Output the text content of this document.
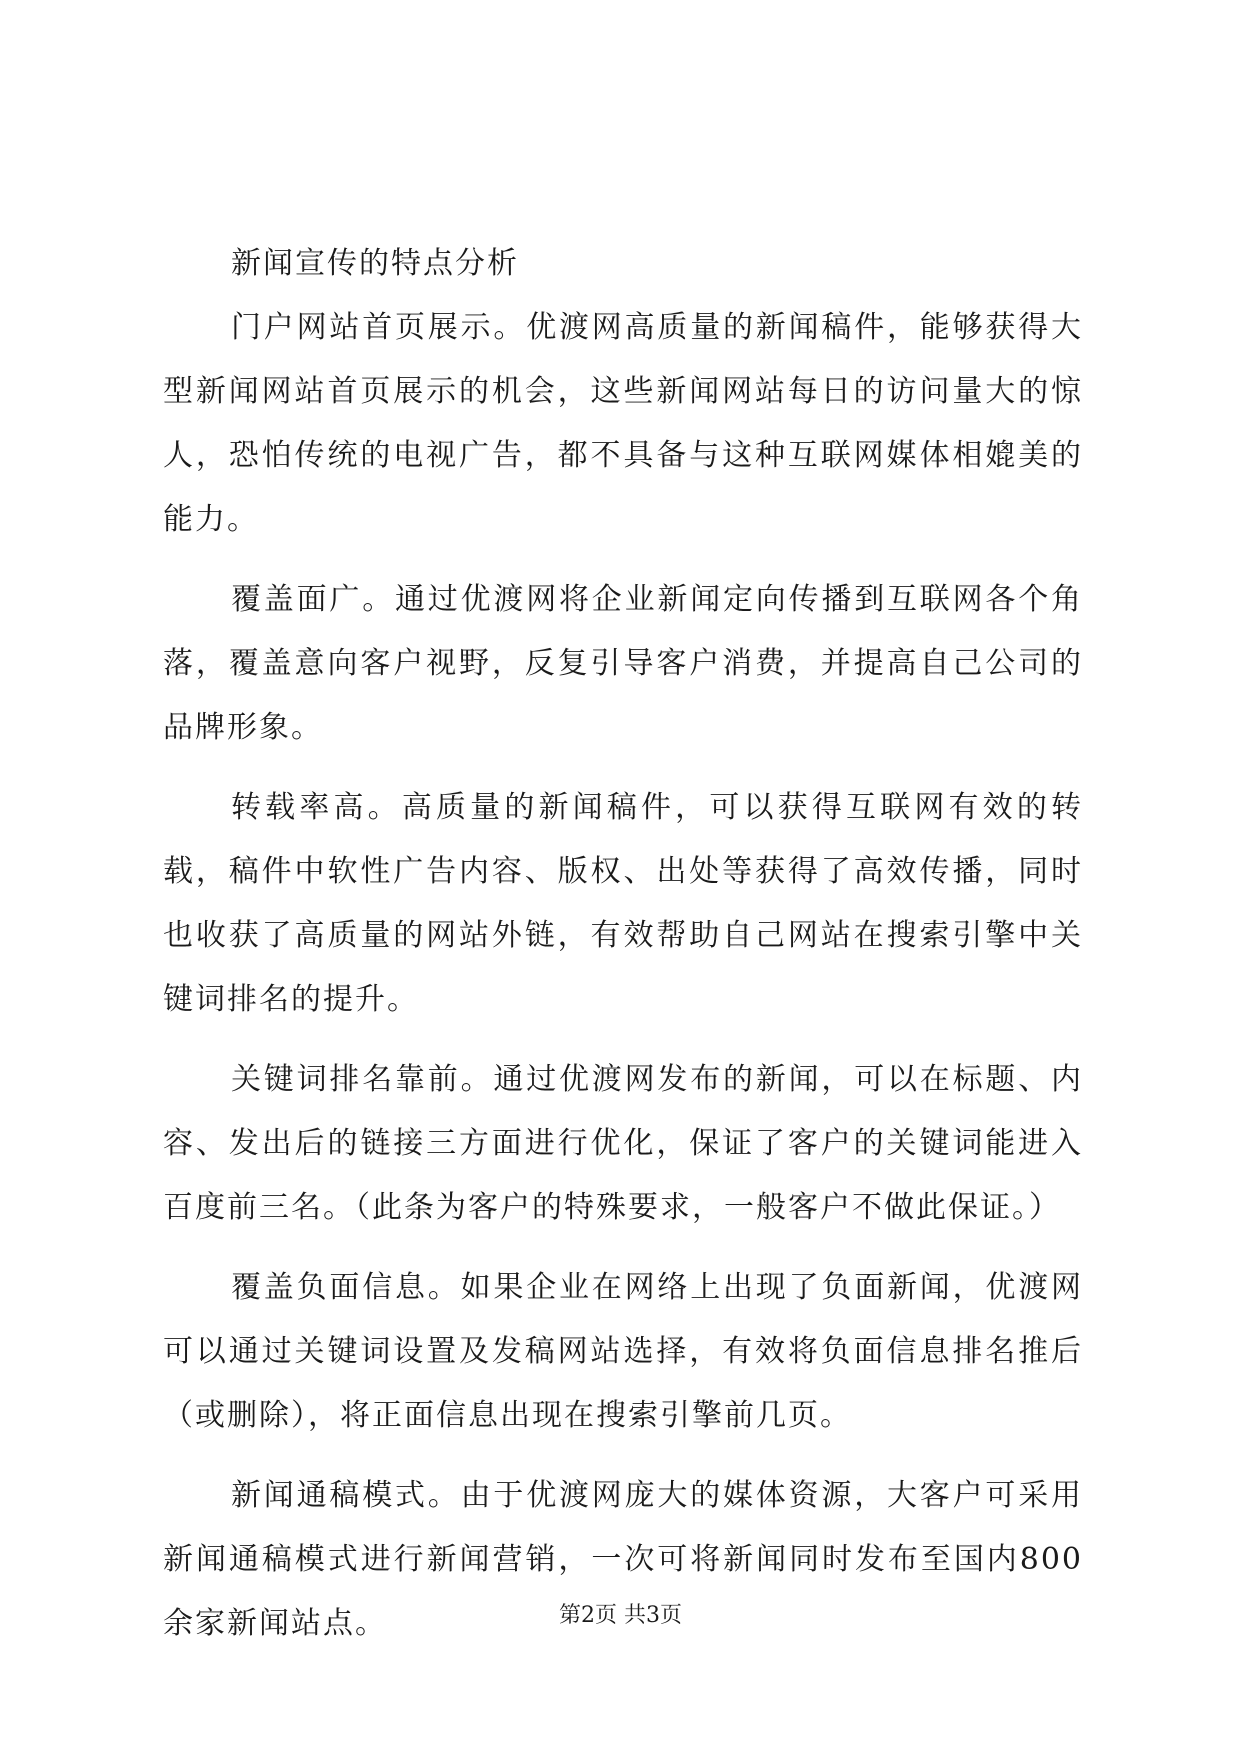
新闻宣传的特点分析

门户网站首页展示。优渡网高质量的新闻稿件，能够获得大型新闻网站首页展示的机会，这些新闻网站每日的访问量大的惊人，恐怕传统的电视广告，都不具备与这种互联网媒体相媲美的能力。

覆盖面广。通过优渡网将企业新闻定向传播到互联网各个角落，覆盖意向客户视野，反复引导客户消费，并提高自己公司的品牌形象。

转载率高。高质量的新闻稿件，可以获得互联网有效的转载，稿件中软性广告内容、版权、出处等获得了高效传播，同时也收获了高质量的网站外链，有效帮助自己网站在搜索引擎中关键词排名的提升。

关键词排名靠前。通过优渡网发布的新闻，可以在标题、内容、发出后的链接三方面进行优化，保证了客户的关键词能进入百度前三名。（此条为客户的特殊要求，一般客户不做此保证。）

覆盖负面信息。如果企业在网络上出现了负面新闻，优渡网可以通过关键词设置及发稿网站选择，有效将负面信息排名推后（或删除），将正面信息出现在搜索引擎前几页。

新闻通稿模式。由于优渡网庞大的媒体资源，大客户可采用新闻通稿模式进行新闻营销，一次可将新闻同时发布至国内800余家新闻站点。	第2页 共3页
